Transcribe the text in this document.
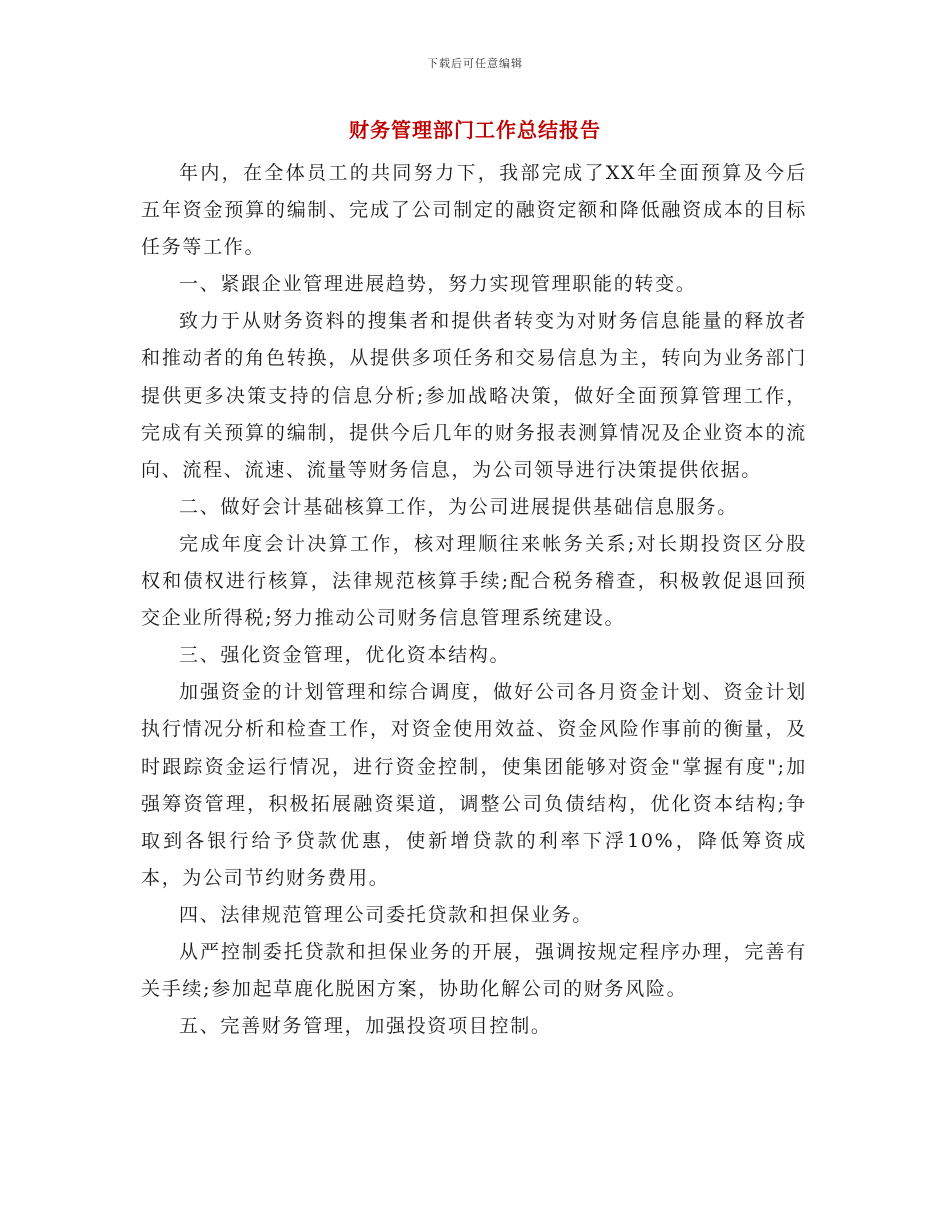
下载后可任意编辑
财务管理部门工作总结报告

年内，在全体员工的共同努力下，我部完成了XX年全面预算及今后五年资金预算的编制、完成了公司制定的融资定额和降低融资成本的目标任务等工作。

一、紧跟企业管理进展趋势，努力实现管理职能的转变。

致力于从财务资料的搜集者和提供者转变为对财务信息能量的释放者和推动者的角色转换，从提供多项任务和交易信息为主，转向为业务部门提供更多决策支持的信息分析;参加战略决策，做好全面预算管理工作，完成有关预算的编制，提供今后几年的财务报表测算情况及企业资本的流向、流程、流速、流量等财务信息，为公司领导进行决策提供依据。

二、做好会计基础核算工作，为公司进展提供基础信息服务。

完成年度会计决算工作，核对理顺往来帐务关系;对长期投资区分股权和债权进行核算，法律规范核算手续;配合税务稽查，积极敦促退回预交企业所得税;努力推动公司财务信息管理系统建设。

三、强化资金管理，优化资本结构。

加强资金的计划管理和综合调度，做好公司各月资金计划、资金计划执行情况分析和检查工作，对资金使用效益、资金风险作事前的衡量，及时跟踪资金运行情况，进行资金控制，使集团能够对资金"掌握有度";加强筹资管理，积极拓展融资渠道，调整公司负债结构，优化资本结构;争取到各银行给予贷款优惠，使新增贷款的利率下浮10%，降低筹资成本，为公司节约财务费用。

四、法律规范管理公司委托贷款和担保业务。

从严控制委托贷款和担保业务的开展，强调按规定程序办理，完善有关手续;参加起草鹿化脱困方案，协助化解公司的财务风险。

五、完善财务管理，加强投资项目控制。
